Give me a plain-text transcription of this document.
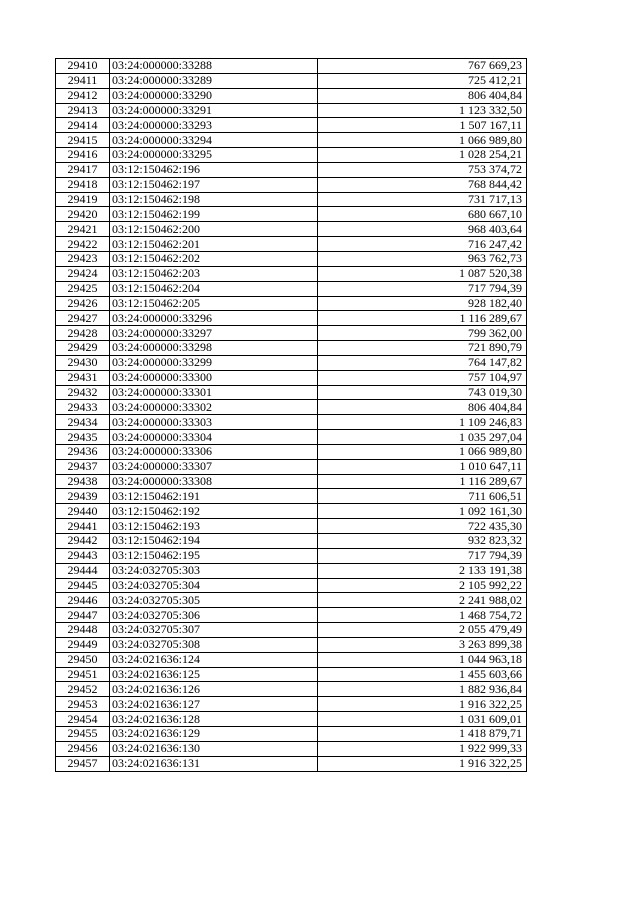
29410	03:24:000000:33288	767 669,23
29411	03:24:000000:33289	725 412,21
29412	03:24:000000:33290	806 404,84
29413	03:24:000000:33291	1 123 332,50
29414	03:24:000000:33293	1 507 167,11
29415	03:24:000000:33294	1 066 989,80
29416	03:24:000000:33295	1 028 254,21
29417	03:12:150462:196	753 374,72
29418	03:12:150462:197	768 844,42
29419	03:12:150462:198	731 717,13
29420	03:12:150462:199	680 667,10
29421	03:12:150462:200	968 403,64
29422	03:12:150462:201	716 247,42
29423	03:12:150462:202	963 762,73
29424	03:12:150462:203	1 087 520,38
29425	03:12:150462:204	717 794,39
29426	03:12:150462:205	928 182,40
29427	03:24:000000:33296	1 116 289,67
29428	03:24:000000:33297	799 362,00
29429	03:24:000000:33298	721 890,79
29430	03:24:000000:33299	764 147,82
29431	03:24:000000:33300	757 104,97
29432	03:24:000000:33301	743 019,30
29433	03:24:000000:33302	806 404,84
29434	03:24:000000:33303	1 109 246,83
29435	03:24:000000:33304	1 035 297,04
29436	03:24:000000:33306	1 066 989,80
29437	03:24:000000:33307	1 010 647,11
29438	03:24:000000:33308	1 116 289,67
29439	03:12:150462:191	711 606,51
29440	03:12:150462:192	1 092 161,30
29441	03:12:150462:193	722 435,30
29442	03:12:150462:194	932 823,32
29443	03:12:150462:195	717 794,39
29444	03:24:032705:303	2 133 191,38
29445	03:24:032705:304	2 105 992,22
29446	03:24:032705:305	2 241 988,02
29447	03:24:032705:306	1 468 754,72
29448	03:24:032705:307	2 055 479,49
29449	03:24:032705:308	3 263 899,38
29450	03:24:021636:124	1 044 963,18
29451	03:24:021636:125	1 455 603,66
29452	03:24:021636:126	1 882 936,84
29453	03:24:021636:127	1 916 322,25
29454	03:24:021636:128	1 031 609,01
29455	03:24:021636:129	1 418 879,71
29456	03:24:021636:130	1 922 999,33
29457	03:24:021636:131	1 916 322,25
